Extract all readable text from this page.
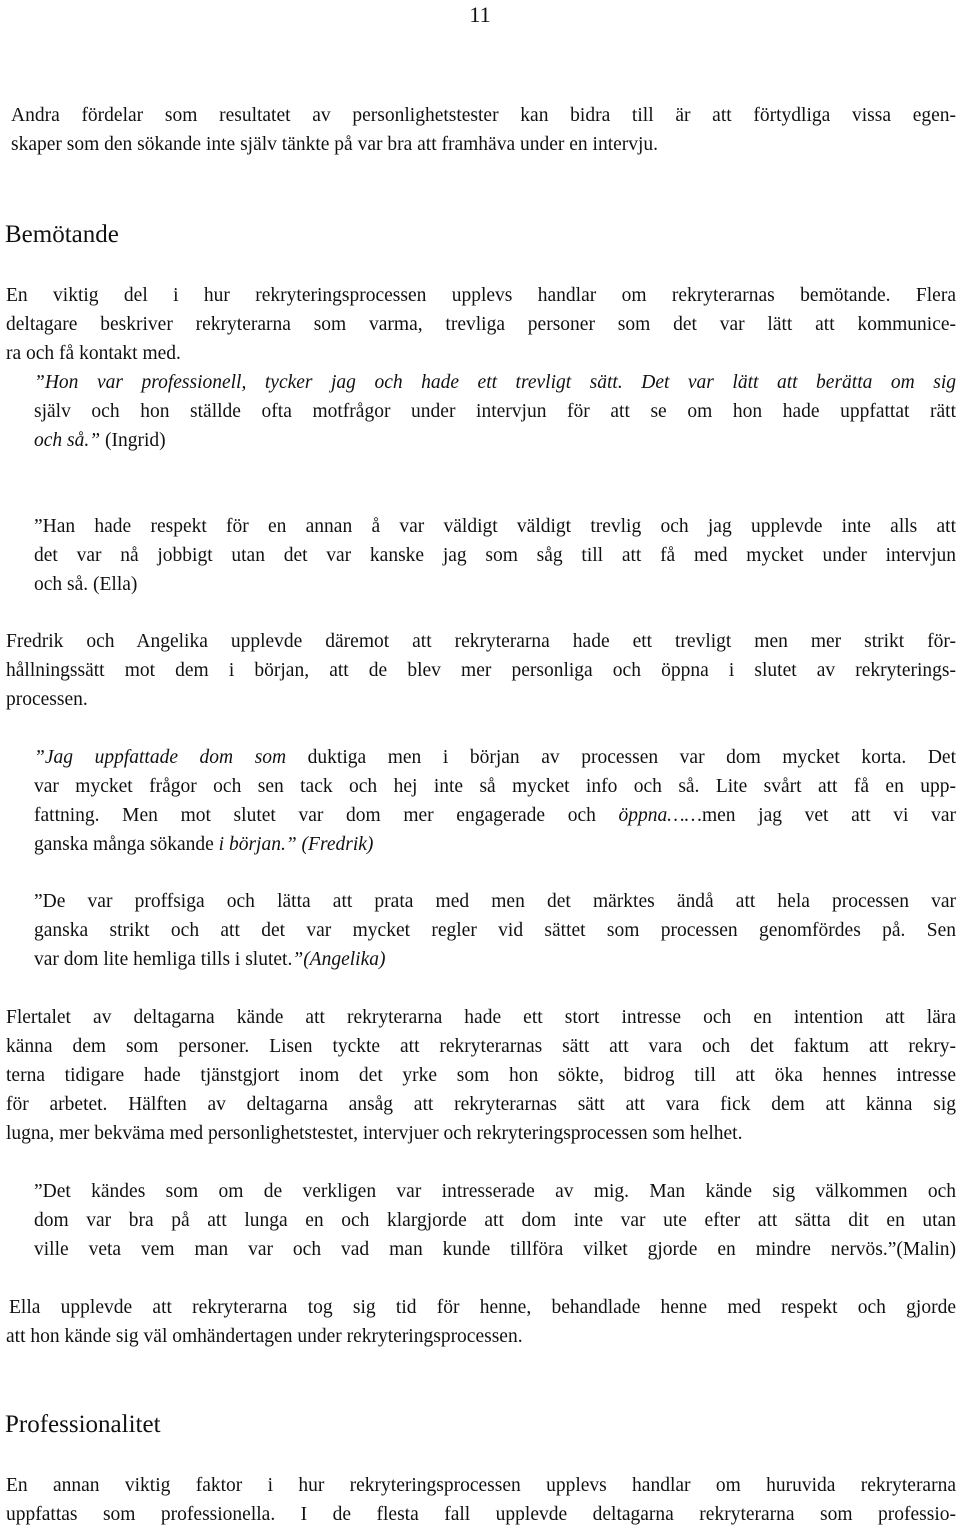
11
Andra fördelar som resultatet av personlighetstester kan bidra till är att förtydliga vissa egen-
skaper som den sökande inte själv tänkte på var bra att framhäva under en intervju.
Bemötande
En viktig del i hur rekryteringsprocessen upplevs handlar om rekryterarnas bemötande. Flera
deltagare beskriver rekryterarna som varma, trevliga personer som det var lätt att kommunice-
ra och få kontakt med.
”Hon var professionell, tycker jag och hade ett trevligt sätt. Det var lätt att berätta om sig
själv och hon ställde ofta motfrågor under intervjun för att se om hon hade uppfattat rätt
och så.” (Ingrid)
”Han hade respekt för en annan å var väldigt väldigt trevlig och jag upplevde inte alls att
det var nå jobbigt utan det var kanske jag som såg till att få med mycket under intervjun
och så. (Ella)
Fredrik och Angelika upplevde däremot att rekryterarna hade ett trevligt men mer strikt för-
hållningssätt mot dem i början, att de blev mer personliga och öppna i slutet av rekryterings-
processen.
”Jag uppfattade dom som duktiga men i början av processen var dom mycket korta. Det
var mycket frågor och sen tack och hej inte så mycket info och så. Lite svårt att få en upp-
fattning. Men mot slutet var dom mer engagerade och öppna……men jag vet att vi var
ganska många sökande i början.” (Fredrik)
”De var proffsiga och lätta att prata med men det märktes ändå att hela processen var
ganska strikt och att det var mycket regler vid sättet som processen genomfördes på. Sen
var dom lite hemliga tills i slutet.”(Angelika)
Flertalet av deltagarna kände att rekryterarna hade ett stort intresse och en intention att lära
känna dem som personer. Lisen tyckte att rekryterarnas sätt att vara och det faktum att rekry-
terna tidigare hade tjänstgjort inom det yrke som hon sökte, bidrog till att öka hennes intresse
för arbetet. Hälften av deltagarna ansåg att rekryterarnas sätt att vara fick dem att känna sig
lugna, mer bekväma med personlighetstestet, intervjuer och rekryteringsprocessen som helhet.
”Det kändes som om de verkligen var intresserade av mig. Man kände sig välkommen och
dom var bra på att lunga en och klargjorde att dom inte var ute efter att sätta dit en utan
ville veta vem man var och vad man kunde tillföra vilket gjorde en mindre nervös.”(Malin)
Ella upplevde att rekryterarna tog sig tid för henne, behandlade henne med respekt och gjorde
att hon kände sig väl omhändertagen under rekryteringsprocessen.
Professionalitet
En annan viktig faktor i hur rekryteringsprocessen upplevs handlar om huruvida rekryterarna
uppfattas som professionella. I de flesta fall upplevde deltagarna rekryterarna som professio-
